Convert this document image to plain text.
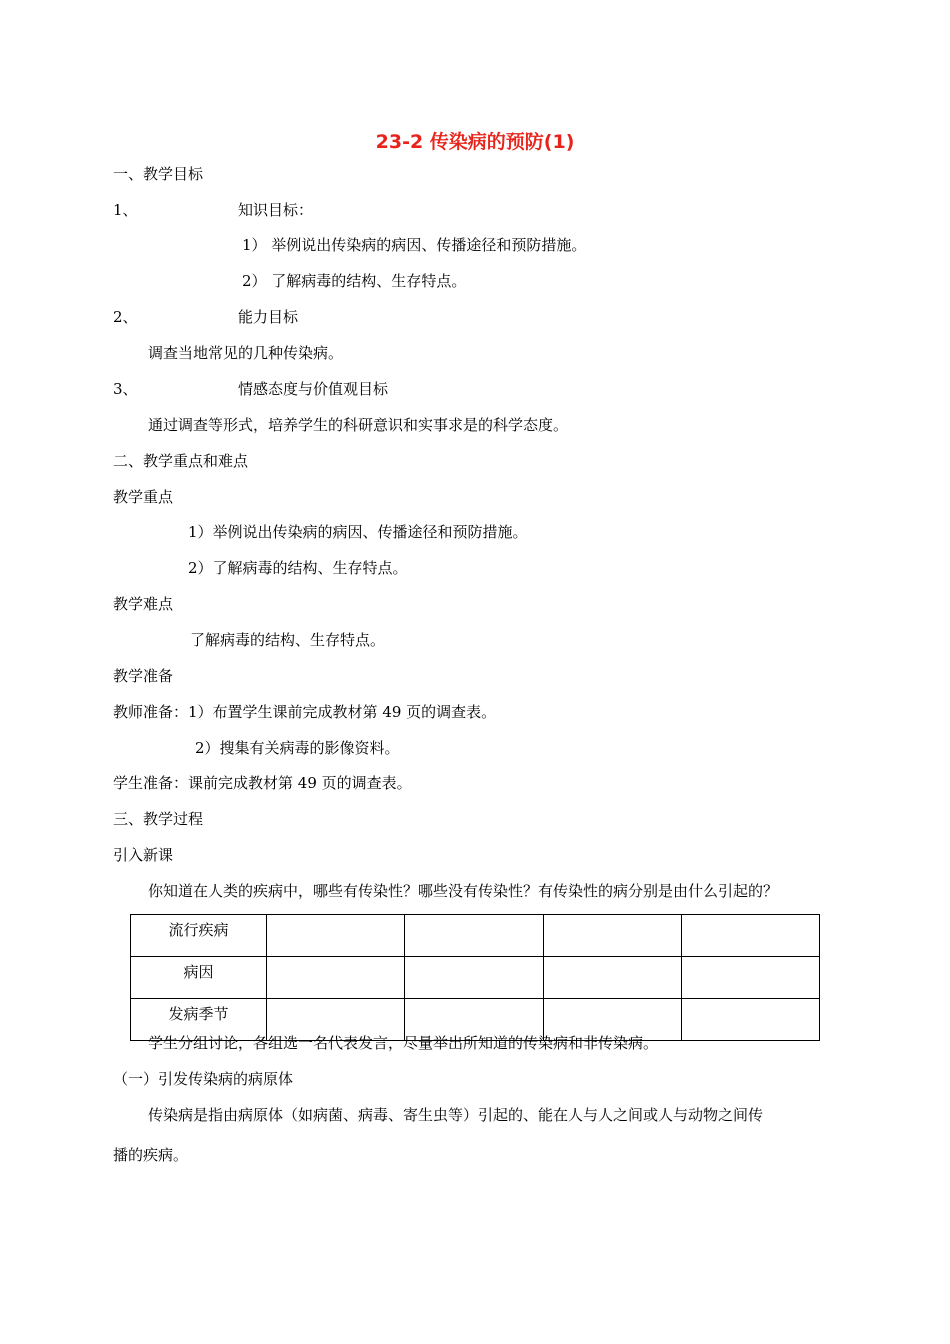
23-2 传染病的预防(1)
一、教学目标
1、	知识目标：
1） 举例说出传染病的病因、传播途径和预防措施。
2） 了解病毒的结构、生存特点。
2、	能力目标
调查当地常见的几种传染病。
3、	情感态度与价值观目标
通过调查等形式，培养学生的科研意识和实事求是的科学态度。
二、教学重点和难点
教学重点
1）举例说出传染病的病因、传播途径和预防措施。
2）了解病毒的结构、生存特点。
教学难点
了解病毒的结构、生存特点。
教学准备
教师准备：1）布置学生课前完成教材第 49 页的调查表。
2）搜集有关病毒的影像资料。
学生准备：课前完成教材第 49 页的调查表。
三、教学过程
引入新课
你知道在人类的疾病中，哪些有传染性？哪些没有传染性？有传染性的病分别是由什么引起的？
流行疾病				
病因				
发病季节				
学生分组讨论，各组选一名代表发言，尽量举出所知道的传染病和非传染病。
（一）引发传染病的病原体
传染病是指由病原体（如病菌、病毒、寄生虫等）引起的、能在人与人之间或人与动物之间传
播的疾病。
